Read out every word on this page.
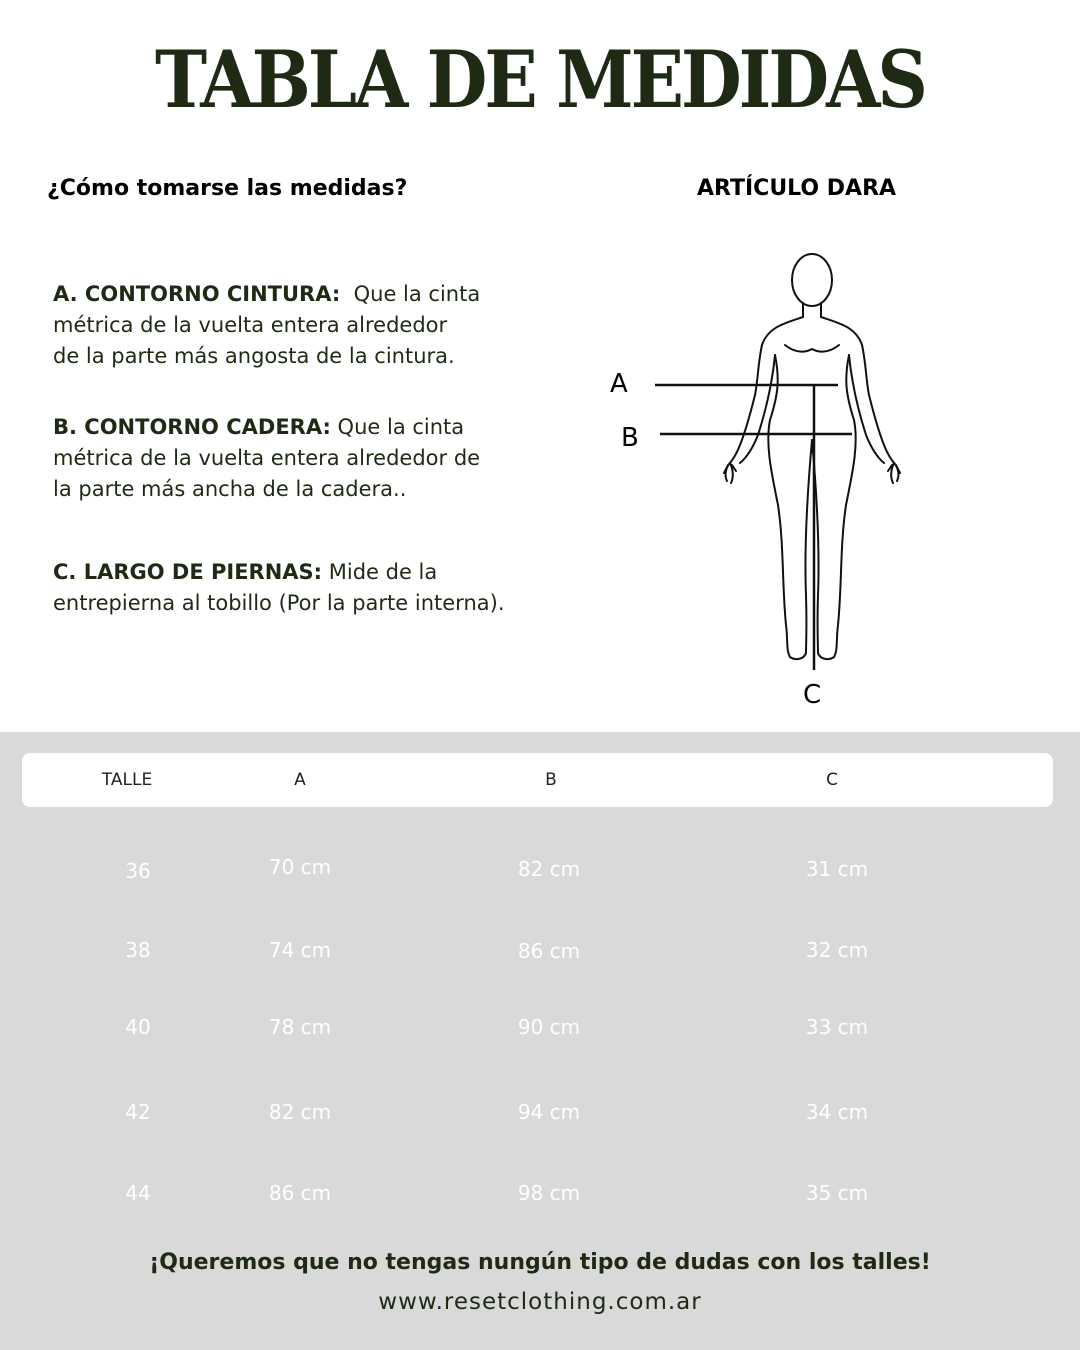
TABLA DE MEDIDAS
¿Cómo tomarse las medidas?	ARTÍCULO DARA
A. CONTORNO CINTURA:  Que la cinta
métrica de la vuelta entera alrededor
de la parte más angosta de la cintura.
B. CONTORNO CADERA: Que la cinta
métrica de la vuelta entera alrededor de
la parte más ancha de la cadera..
C. LARGO DE PIERNAS: Mide de la
entrepierna al tobillo (Por la parte interna).
A
B
C
TALLE	A	B	C
36	70 cm	82 cm	31 cm
38	74 cm	86 cm	32 cm
40	78 cm	90 cm	33 cm
42	82 cm	94 cm	34 cm
44	86 cm	98 cm	35 cm
¡Queremos que no tengas nungún tipo de dudas con los talles!
www.resetclothing.com.ar
